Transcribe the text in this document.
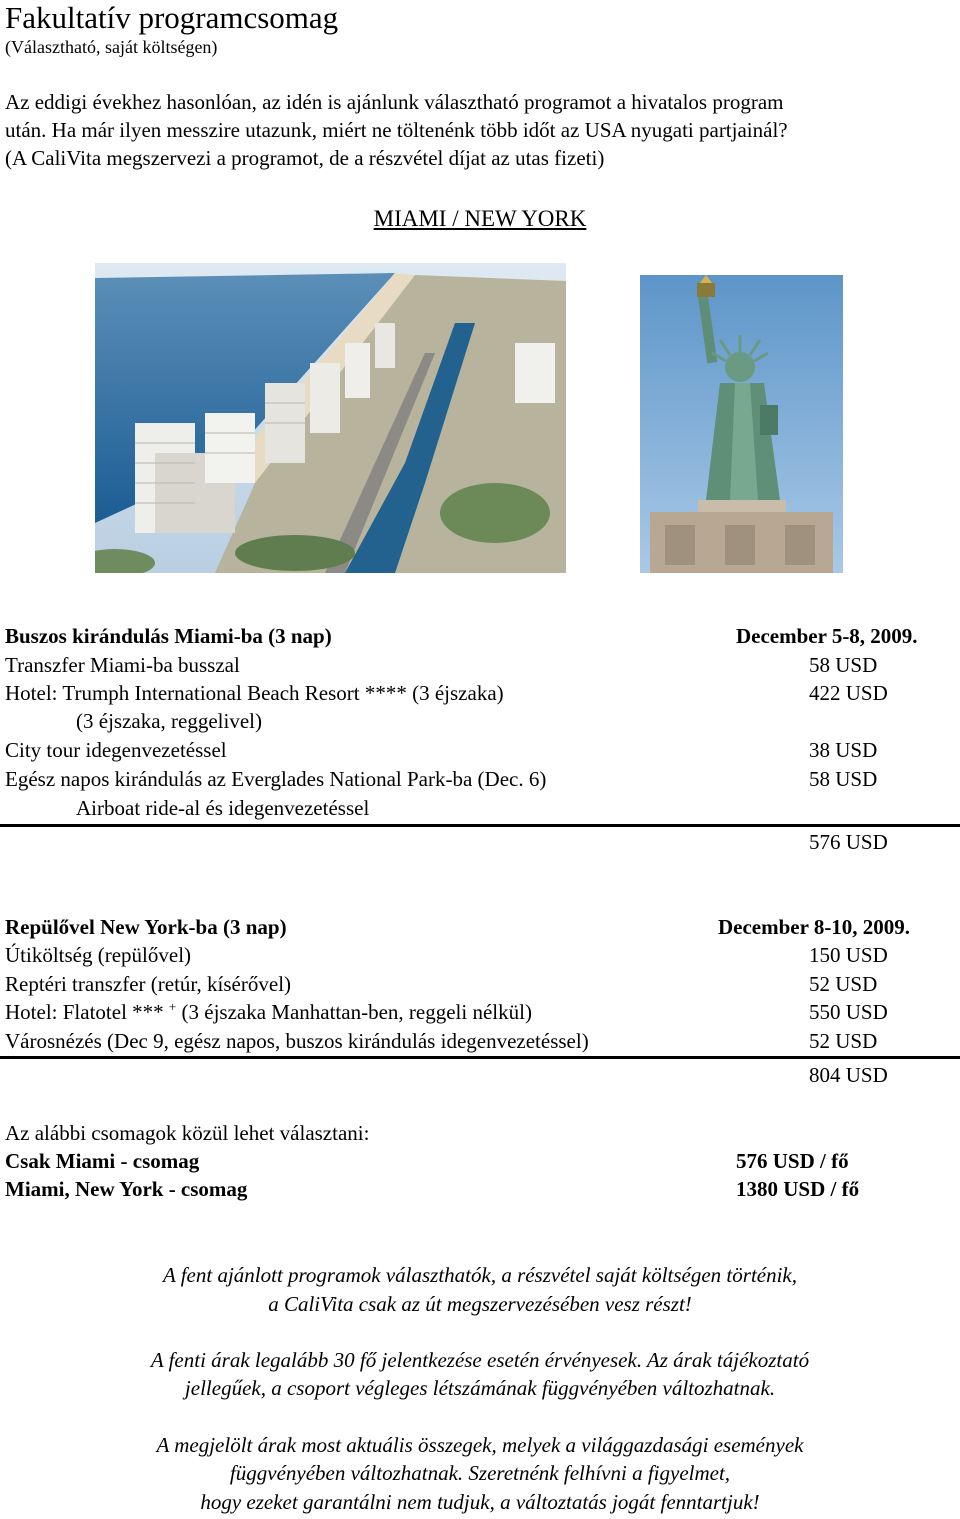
Fakultatív programcsomag
(Választható, saját költségen)
Az eddigi évekhez hasonlóan, az idén is ajánlunk választható programot a hivatalos program
után. Ha már ilyen messzire utazunk, miért ne töltenénk több időt az USA nyugati partjainál?
(A CaliVita megszervezi a programot, de a részvétel díjat az utas fizeti)
MIAMI / NEW YORK
Buszos kirándulás Miami-ba (3 nap)	December 5-8, 2009.
Transzfer Miami-ba busszal	58 USD
Hotel: Trumph International Beach Resort **** (3 éjszaka)	422 USD
(3 éjszaka, reggelivel)
City tour idegenvezetéssel	38 USD
Egész napos kirándulás az Everglades National Park-ba (Dec. 6)	58 USD
Airboat ride-al és idegenvezetéssel
576 USD
Repülővel New York-ba (3 nap)	December 8-10, 2009.
Útiköltség (repülővel)	150 USD
Reptéri transzfer (retúr, kísérővel)	52 USD
Hotel: Flatotel *** + (3 éjszaka Manhattan-ben, reggeli nélkül)	550 USD
Városnézés (Dec 9, egész napos, buszos kirándulás idegenvezetéssel)	52 USD
804 USD
Az alábbi csomagok közül lehet választani:
Csak Miami - csomag	576 USD / fő
Miami, New York - csomag	1380 USD / fő
A fent ajánlott programok választhatók, a részvétel saját költségen történik,
a CaliVita csak az út megszervezésében vesz részt!
A fenti árak legalább 30 fő jelentkezése esetén érvényesek. Az árak tájékoztató
jellegűek, a csoport végleges létszámának függvényében változhatnak.
A megjelölt árak most aktuális összegek, melyek a világgazdasági események
függvényében változhatnak. Szeretnénk felhívni a figyelmet,
hogy ezeket garantálni nem tudjuk, a változtatás jogát fenntartjuk!
